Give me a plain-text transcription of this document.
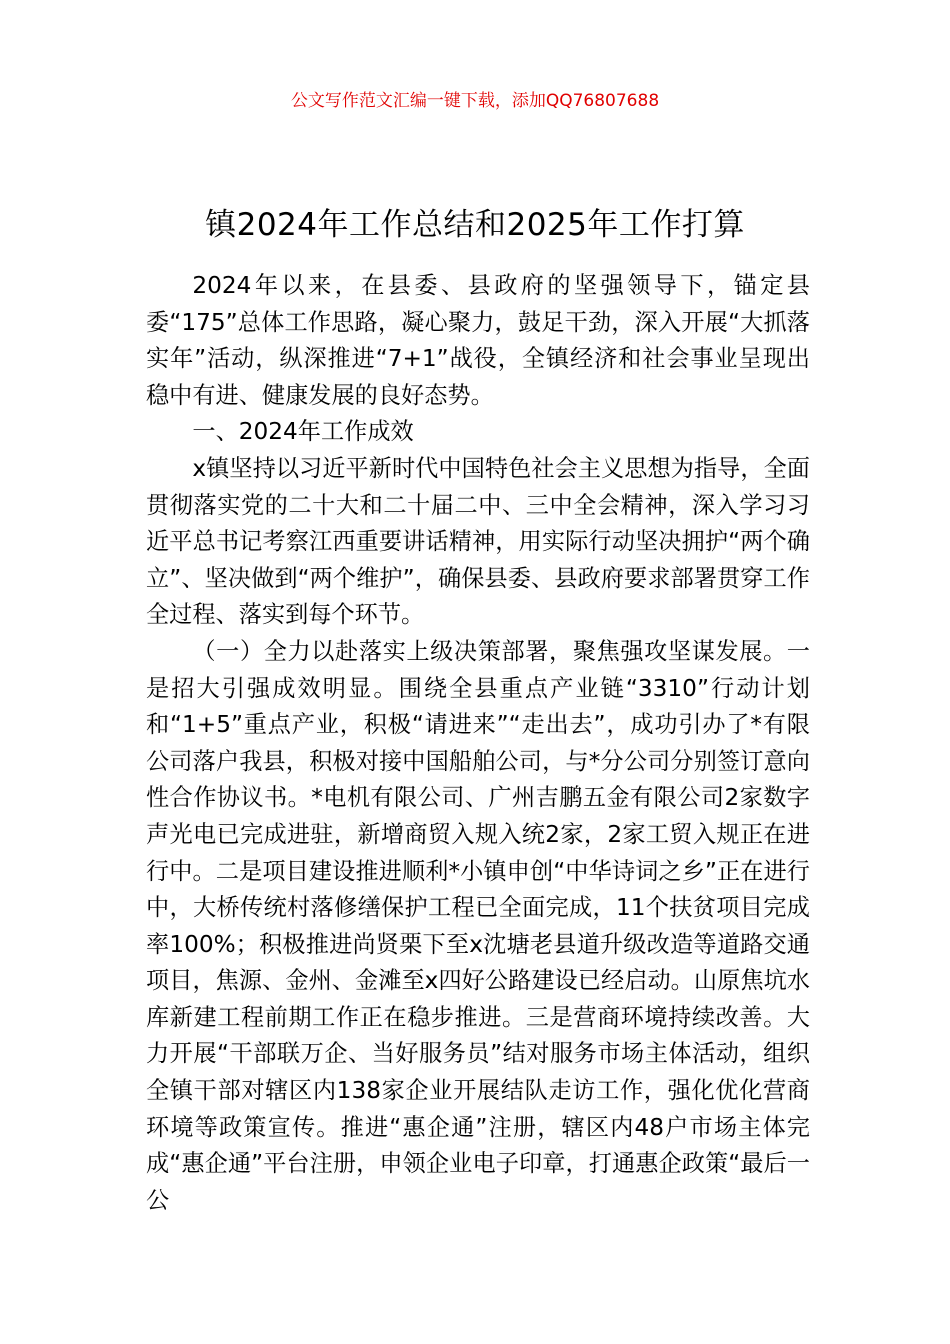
公文写作范文汇编一键下载，添加QQ76807688
镇2024年工作总结和2025年工作打算

2024年以来，在县委、县政府的坚强领导下，锚定县委“175”总体工作思路，凝心聚力，鼓足干劲，深入开展“大抓落实年”活动，纵深推进“7+1”战役，全镇经济和社会事业呈现出稳中有进、健康发展的良好态势。

一、2024年工作成效

x镇坚持以习近平新时代中国特色社会主义思想为指导，全面贯彻落实党的二十大和二十届二中、三中全会精神，深入学习习近平总书记考察江西重要讲话精神，用实际行动坚决拥护“两个确立”、坚决做到“两个维护”，确保县委、县政府要求部署贯穿工作全过程、落实到每个环节。

（一）全力以赴落实上级决策部署，聚焦强攻坚谋发展。一是招大引强成效明显。围绕全县重点产业链“3310”行动计划和“1+5”重点产业，积极“请进来”“走出去”，成功引办了*有限公司落户我县，积极对接中国船舶公司，与*分公司分别签订意向性合作协议书。*电机有限公司、广州吉鹏五金有限公司2家数字声光电已完成进驻，新增商贸入规入统2家，2家工贸入规正在进行中。二是项目建设推进顺利*小镇申创“中华诗词之乡”正在进行中，大桥传统村落修缮保护工程已全面完成，11个扶贫项目完成率100%；积极推进尚贤栗下至x沈塘老县道升级改造等道路交通项目，焦源、金州、金滩至x四好公路建设已经启动。山原焦坑水库新建工程前期工作正在稳步推进。三是营商环境持续改善。大力开展“干部联万企、当好服务员”结对服务市场主体活动，组织全镇干部对辖区内138家企业开展结队走访工作，强化优化营商环境等政策宣传。推进“惠企通”注册，辖区内48户市场主体完成“惠企通”平台注册，申领企业电子印章，打通惠企政策“最后一公
